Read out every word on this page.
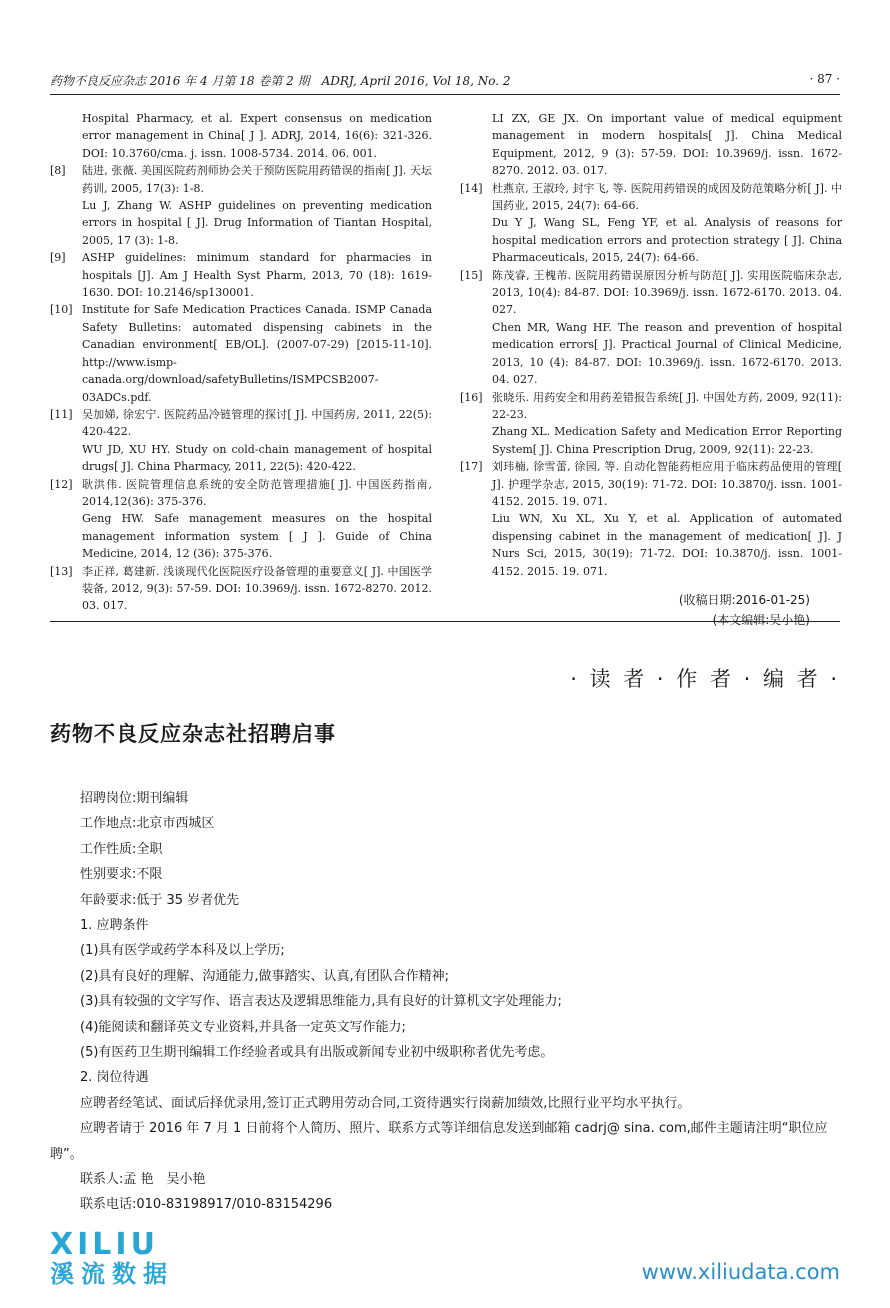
药物不良反应杂志 2016 年 4 月第 18 卷第 2 期　ADRJ, April 2016, Vol 18, No. 2	· 87 ·
Hospital Pharmacy, et al. Expert consensus on medication error management in China[ J ]. ADRJ, 2014, 16(6): 321-326. DOI: 10.3760/cma. j. issn. 1008-5734. 2014. 06. 001.
[8]	陆进, 张薇. 美国医院药剂师协会关于预防医院用药错误的指南[ J]. 天坛药训, 2005, 17(3): 1-8.
Lu J, Zhang W. ASHP guidelines on preventing medication errors in hospital [ J]. Drug Information of Tiantan Hospital, 2005, 17 (3): 1-8.
[9]	ASHP guidelines: minimum standard for pharmacies in hospitals [J]. Am J Health Syst Pharm, 2013, 70 (18): 1619-1630. DOI: 10.2146/sp130001.
[10] Institute for Safe Medication Practices Canada. ISMP Canada Safety Bulletins: automated dispensing cabinets in the Canadian environment[ EB/OL]. (2007-07-29) [2015-11-10]. http://www.ismp-canada.org/download/safetyBulletins/ISMPCSB2007-03ADCs.pdf.
[11] 吴加娣, 徐宏宁. 医院药品冷链管理的探讨[ J]. 中国药房, 2011, 22(5): 420-422.
WU JD, XU HY. Study on cold-chain management of hospital drugs[ J]. China Pharmacy, 2011, 22(5): 420-422.
[12] 耿洪伟. 医院管理信息系统的安全防范管理措施[ J]. 中国医药指南, 2014,12(36): 375-376.
Geng HW. Safe management measures on the hospital management information system [ J ]. Guide of China Medicine, 2014, 12 (36): 375-376.
[13] 李正祥, 葛建新. 浅谈现代化医院医疗设备管理的重要意义[ J]. 中国医学装备, 2012, 9(3): 57-59. DOI: 10.3969/j. issn. 1672-8270. 2012. 03. 017.
LI ZX, GE JX. On important value of medical equipment management in modern hospitals[ J]. China Medical Equipment, 2012, 9 (3): 57-59. DOI: 10.3969/j. issn. 1672-8270. 2012. 03. 017.
[14] 杜燕京, 王淑玲, 封宇飞, 等. 医院用药错误的成因及防范策略分析[ J]. 中国药业, 2015, 24(7): 64-66.
Du Y J, Wang SL, Feng YF, et al. Analysis of reasons for hospital medication errors and protection strategy [ J]. China Pharmaceuticals, 2015, 24(7): 64-66.
[15] 陈茂睿, 王槐芾. 医院用药错误原因分析与防范[ J]. 实用医院临床杂志, 2013, 10(4): 84-87. DOI: 10.3969/j. issn. 1672-6170. 2013. 04. 027.
Chen MR, Wang HF. The reason and prevention of hospital medication errors[ J]. Practical Journal of Clinical Medicine, 2013, 10 (4): 84-87. DOI: 10.3969/j. issn. 1672-6170. 2013. 04. 027.
[16] 张晓乐. 用药安全和用药差错报告系统[ J]. 中国处方药, 2009, 92(11): 22-23.
Zhang XL. Medication Safety and Medication Error Reporting System[ J]. China Prescription Drug, 2009, 92(11): 22-23.
[17] 刘玮楠, 徐雪蕾, 徐园, 等. 自动化智能药柜应用于临床药品使用的管理[ J]. 护理学杂志, 2015, 30(19): 71-72. DOI: 10.3870/j. issn. 1001-4152. 2015. 19. 071.
Liu WN, Xu XL, Xu Y, et al. Application of automated dispensing cabinet in the management of medication[ J]. J Nurs Sci, 2015, 30(19): 71-72. DOI: 10.3870/j. issn. 1001-4152. 2015. 19. 071.
(收稿日期:2016-01-25)
(本文编辑:吴小艳)
· 读 者 · 作 者 · 编 者 ·
药物不良反应杂志社招聘启事
招聘岗位:期刊编辑
工作地点:北京市西城区
工作性质:全职
性别要求:不限
年龄要求:低于 35 岁者优先
1. 应聘条件
(1)具有医学或药学本科及以上学历;
(2)具有良好的理解、沟通能力,做事踏实、认真,有团队合作精神;
(3)具有较强的文字写作、语言表达及逻辑思维能力,具有良好的计算机文字处理能力;
(4)能阅读和翻译英文专业资料,并具备一定英文写作能力;
(5)有医药卫生期刊编辑工作经验者或具有出版或新闻专业初中级职称者优先考虑。
2. 岗位待遇

应聘者经笔试、面试后择优录用,签订正式聘用劳动合同,工资待遇实行岗薪加绩效,比照行业平均水平执行。

应聘者请于 2016 年 7 月 1 日前将个人简历、照片、联系方式等详细信息发送到邮箱 cadrj@ sina. com,邮件主题请注明“职位应聘”。

联系人:孟 艳　吴小艳
联系电话:010-83198917/010-83154296
XILIU
溪流数据	www.xiliudata.com
